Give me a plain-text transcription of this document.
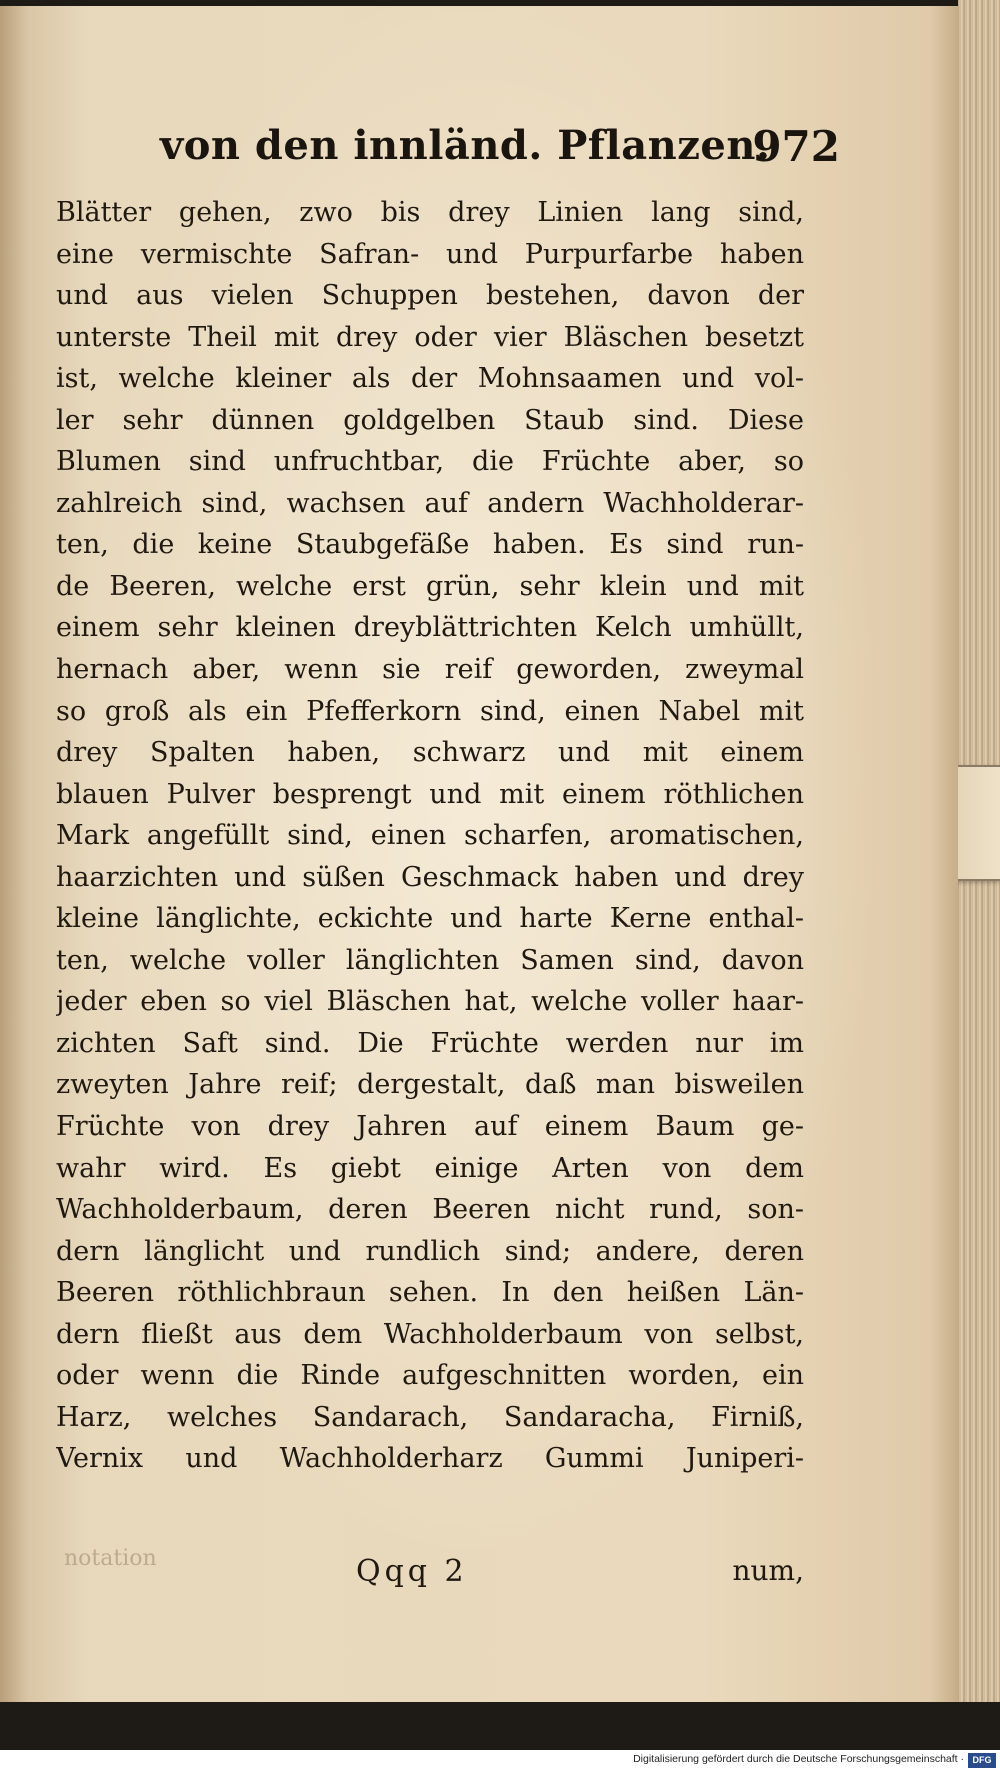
von den innländ. Pflanzen.
972
Blätter gehen, zwo bis drey Linien lang sind,
eine vermischte Safran- und Purpurfarbe haben
und aus vielen Schuppen bestehen, davon der
unterste Theil mit drey oder vier Bläschen besetzt
ist, welche kleiner als der Mohnsaamen und vol-
ler sehr dünnen goldgelben Staub sind. Diese
Blumen sind unfruchtbar, die Früchte aber, so
zahlreich sind, wachsen auf andern Wachholderar-
ten, die keine Staubgefäße haben. Es sind run-
de Beeren, welche erst grün, sehr klein und mit
einem sehr kleinen dreyblättrichten Kelch umhüllt,
hernach aber, wenn sie reif geworden, zweymal
so groß als ein Pfefferkorn sind, einen Nabel mit
drey Spalten haben, schwarz und mit einem
blauen Pulver besprengt und mit einem röthlichen
Mark angefüllt sind, einen scharfen, aromatischen,
haarzichten und süßen Geschmack haben und drey
kleine länglichte, eckichte und harte Kerne enthal-
ten, welche voller länglichten Samen sind, davon
jeder eben so viel Bläschen hat, welche voller haar-
zichten Saft sind. Die Früchte werden nur im
zweyten Jahre reif; dergestalt, daß man bisweilen
Früchte von drey Jahren auf einem Baum ge-
wahr wird. Es giebt einige Arten von dem
Wachholderbaum, deren Beeren nicht rund, son-
dern länglicht und rundlich sind; andere, deren
Beeren röthlichbraun sehen. In den heißen Län-
dern fließt aus dem Wachholderbaum von selbst,
oder wenn die Rinde aufgeschnitten worden, ein
Harz, welches Sandarach, Sandaracha, Firniß,
Vernix und Wachholderharz Gummi Juniperi-
notation	Qqq 2	num,
Digitalisierung gefördert durch die Deutsche Forschungsgemeinschaft · DFG
